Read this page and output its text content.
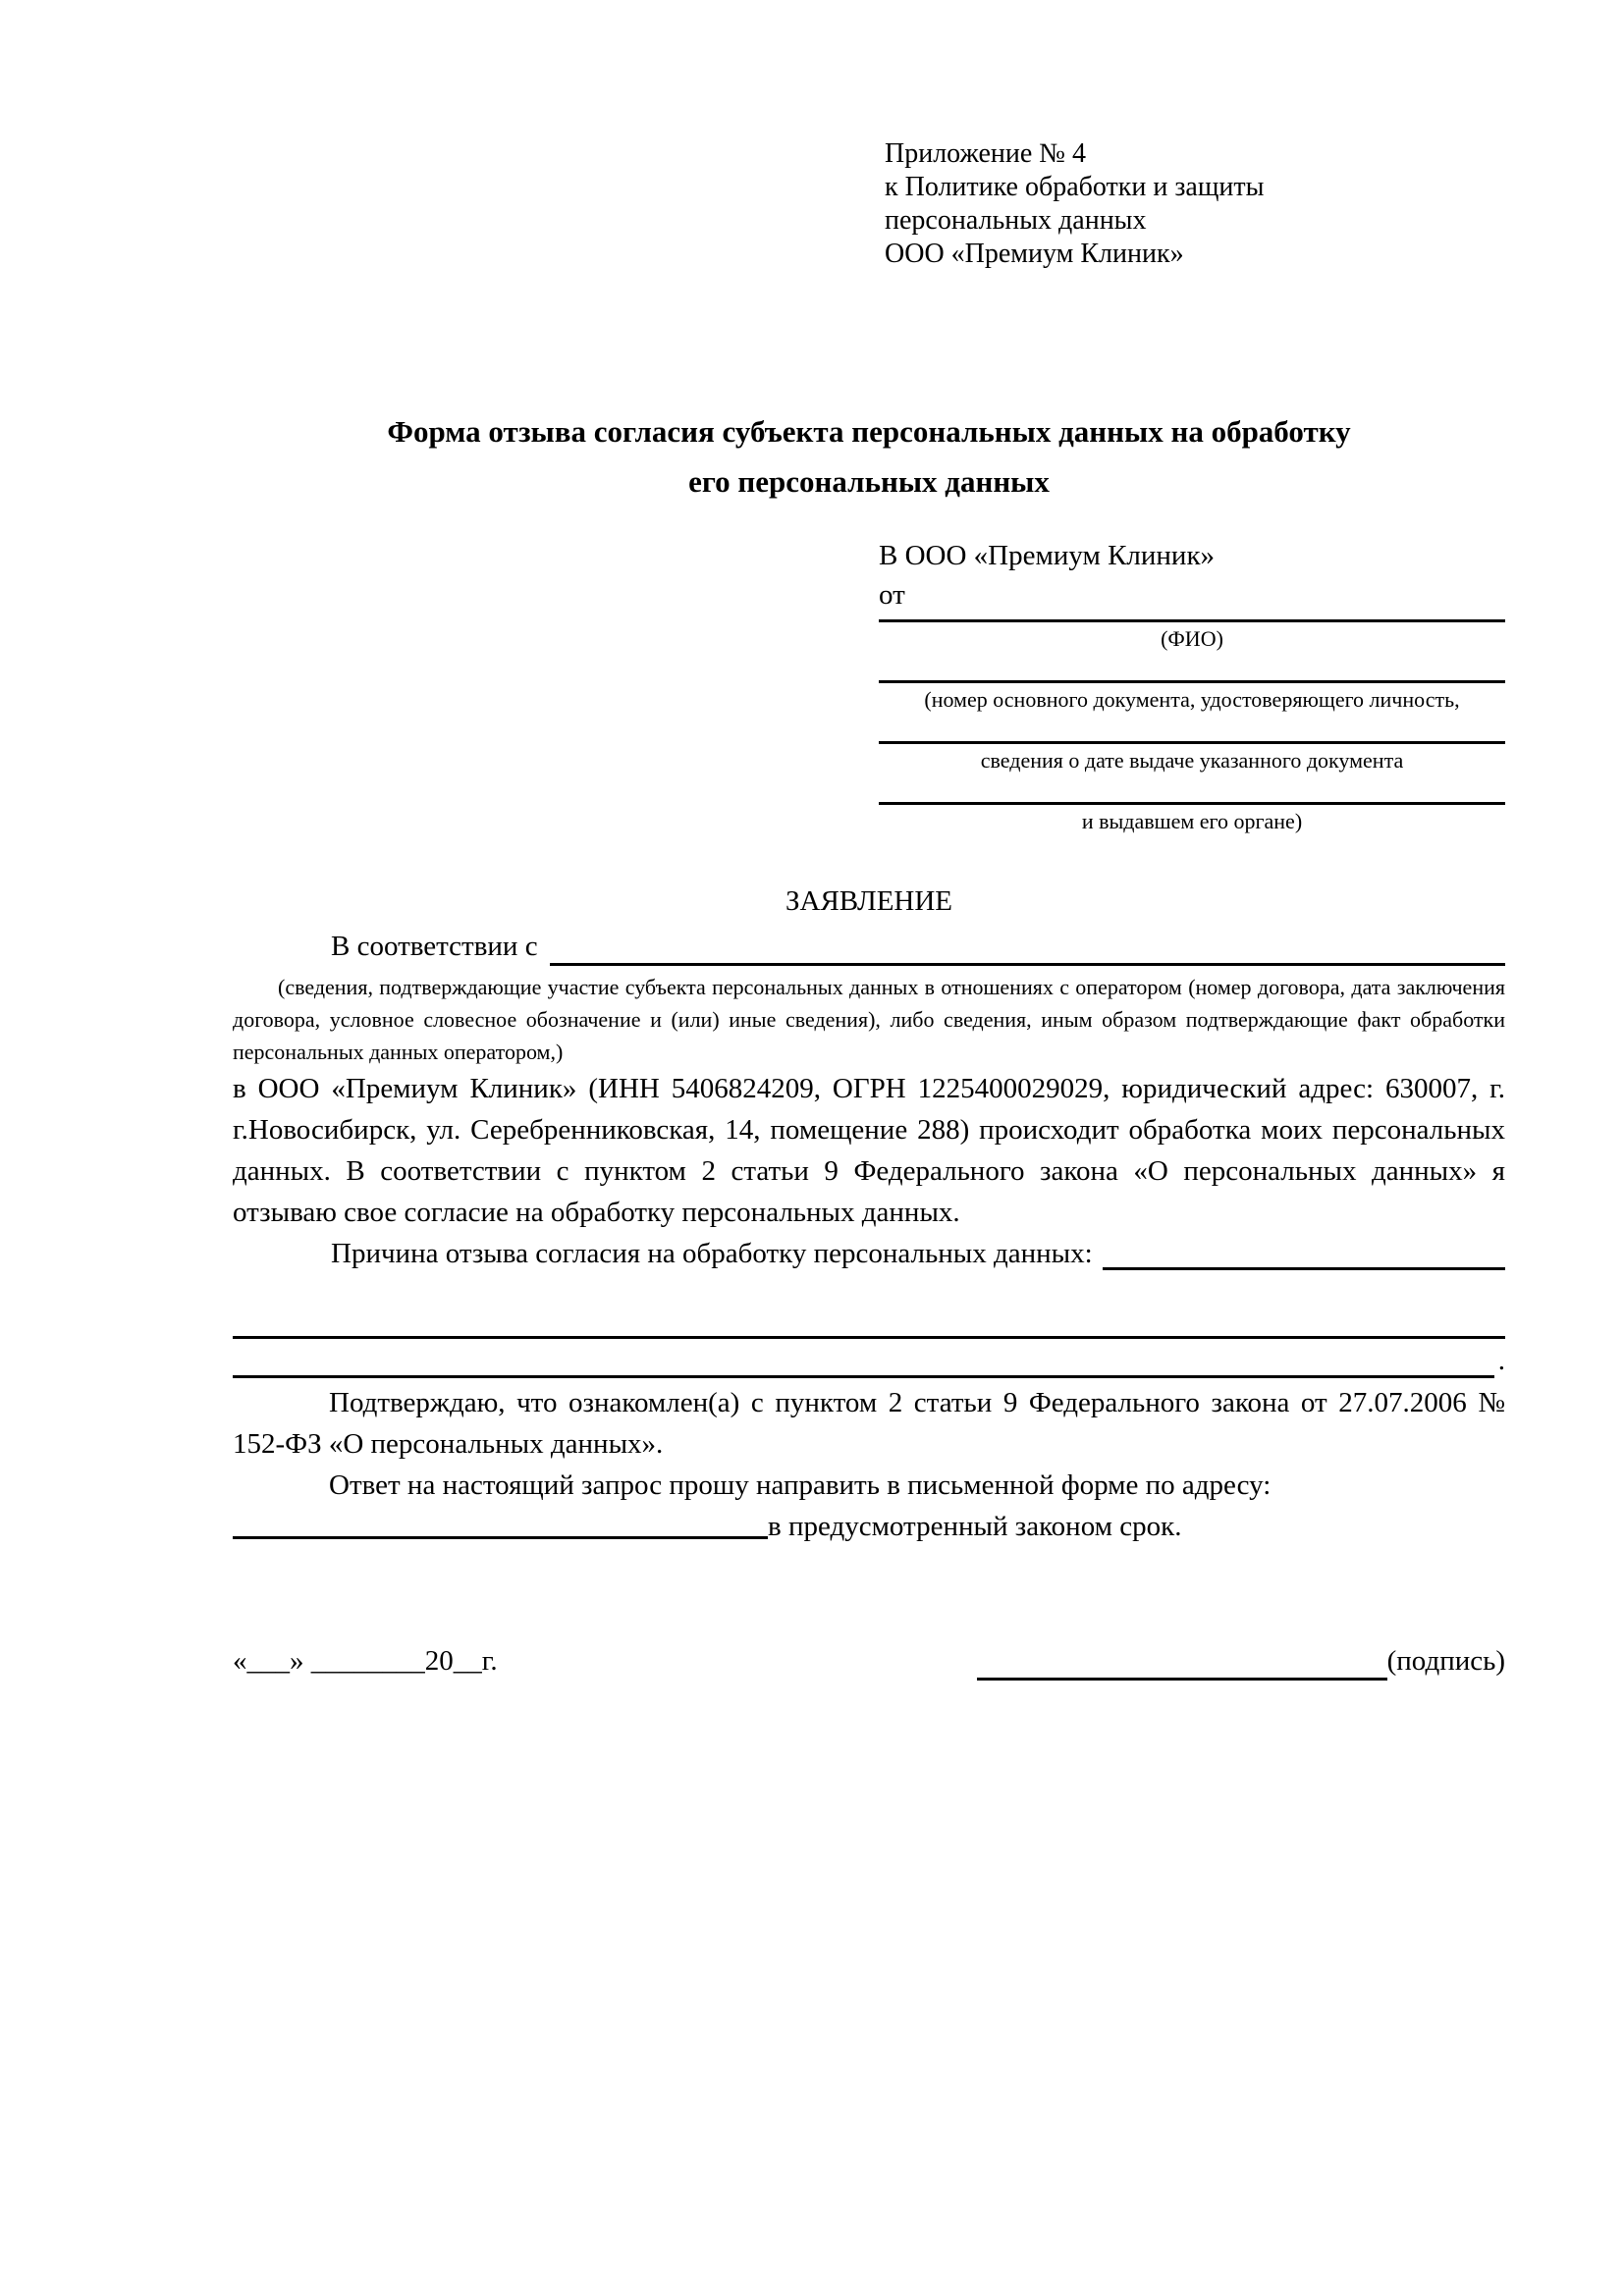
Приложение № 4
к Политике обработки и защиты
персональных данных
ООО «Премиум Клиник»
Форма отзыва согласия субъекта персональных данных на обработку
его персональных данных
В ООО «Премиум Клиник»
от
(ФИО)
(номер основного документа, удостоверяющего личность,
сведения о дате выдаче указанного документа
и выдавшем его органе)
ЗАЯВЛЕНИЕ
В соответствии с
(сведения, подтверждающие участие субъекта персональных данных в отношениях с оператором (номер договора, дата заключения договора, условное словесное обозначение и (или) иные сведения), либо сведения, иным образом подтверждающие факт обработки персональных данных оператором,)

в ООО «Премиум Клиник» (ИНН 5406824209, ОГРН 1225400029029, юридический адрес: 630007, г. г.Новосибирск, ул. Серебренниковская, 14, помещение 288) происходит обработка моих персональных данных. В соответствии с пунктом 2 статьи 9 Федерального закона «О персональных данных» я отзываю свое согласие на обработку персональных данных.

Причина отзыва согласия на обработку персональных данных:
.

Подтверждаю, что ознакомлен(а) с пунктом 2 статьи 9 Федерального закона от 27.07.2006 № 152-ФЗ «О персональных данных».

Ответ на настоящий запрос прошу направить в письменной форме по адресу:

в предусмотренный законом срок.
«___» ________20__г.	(подпись)
